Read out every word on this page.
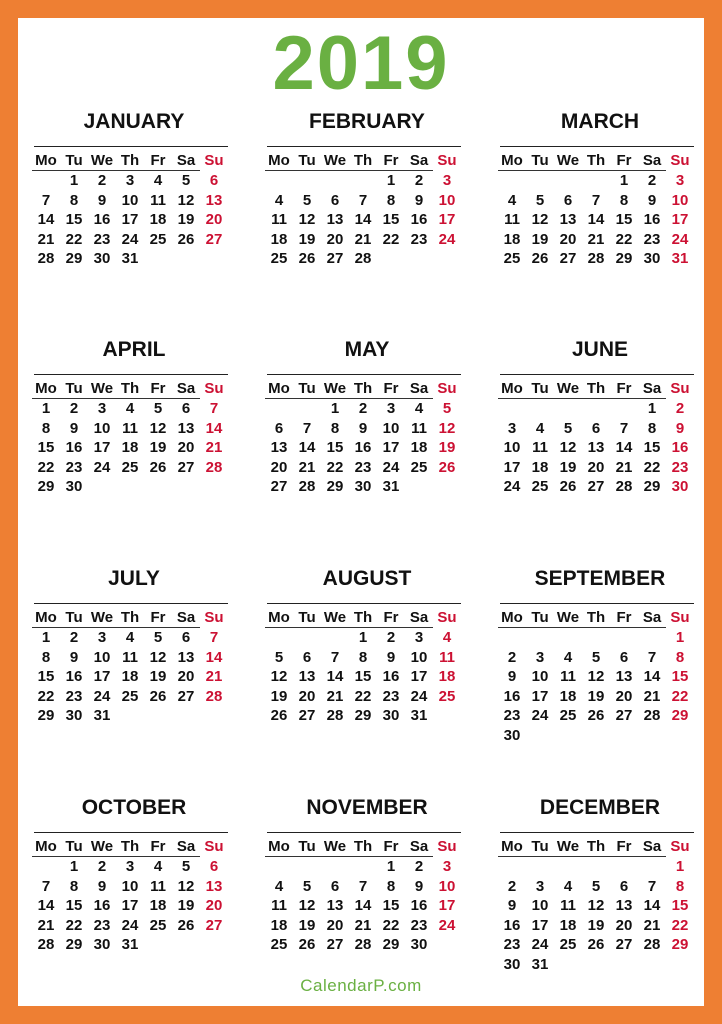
2019
JANUARY
Mo	Tu	We	Th	Fr	Sa	Su
	1	2	3	4	5	6
7	8	9	10	11	12	13
14	15	16	17	18	19	20
21	22	23	24	25	26	27
28	29	30	31			
FEBRUARY
Mo	Tu	We	Th	Fr	Sa	Su
				1	2	3
4	5	6	7	8	9	10
11	12	13	14	15	16	17
18	19	20	21	22	23	24
25	26	27	28			
MARCH
Mo	Tu	We	Th	Fr	Sa	Su
				1	2	3
4	5	6	7	8	9	10
11	12	13	14	15	16	17
18	19	20	21	22	23	24
25	26	27	28	29	30	31
APRIL
Mo	Tu	We	Th	Fr	Sa	Su
1	2	3	4	5	6	7
8	9	10	11	12	13	14
15	16	17	18	19	20	21
22	23	24	25	26	27	28
29	30					
MAY
Mo	Tu	We	Th	Fr	Sa	Su
		1	2	3	4	5
6	7	8	9	10	11	12
13	14	15	16	17	18	19
20	21	22	23	24	25	26
27	28	29	30	31		
JUNE
Mo	Tu	We	Th	Fr	Sa	Su
					1	2
3	4	5	6	7	8	9
10	11	12	13	14	15	16
17	18	19	20	21	22	23
24	25	26	27	28	29	30
JULY
Mo	Tu	We	Th	Fr	Sa	Su
1	2	3	4	5	6	7
8	9	10	11	12	13	14
15	16	17	18	19	20	21
22	23	24	25	26	27	28
29	30	31				
AUGUST
Mo	Tu	We	Th	Fr	Sa	Su
			1	2	3	4
5	6	7	8	9	10	11
12	13	14	15	16	17	18
19	20	21	22	23	24	25
26	27	28	29	30	31	
SEPTEMBER
Mo	Tu	We	Th	Fr	Sa	Su
						1
2	3	4	5	6	7	8
9	10	11	12	13	14	15
16	17	18	19	20	21	22
23	24	25	26	27	28	29
30						
OCTOBER
Mo	Tu	We	Th	Fr	Sa	Su
	1	2	3	4	5	6
7	8	9	10	11	12	13
14	15	16	17	18	19	20
21	22	23	24	25	26	27
28	29	30	31			
NOVEMBER
Mo	Tu	We	Th	Fr	Sa	Su
				1	2	3
4	5	6	7	8	9	10
11	12	13	14	15	16	17
18	19	20	21	22	23	24
25	26	27	28	29	30	
DECEMBER
Mo	Tu	We	Th	Fr	Sa	Su
						1
2	3	4	5	6	7	8
9	10	11	12	13	14	15
16	17	18	19	20	21	22
23	24	25	26	27	28	29
30	31					
CalendarP.com
